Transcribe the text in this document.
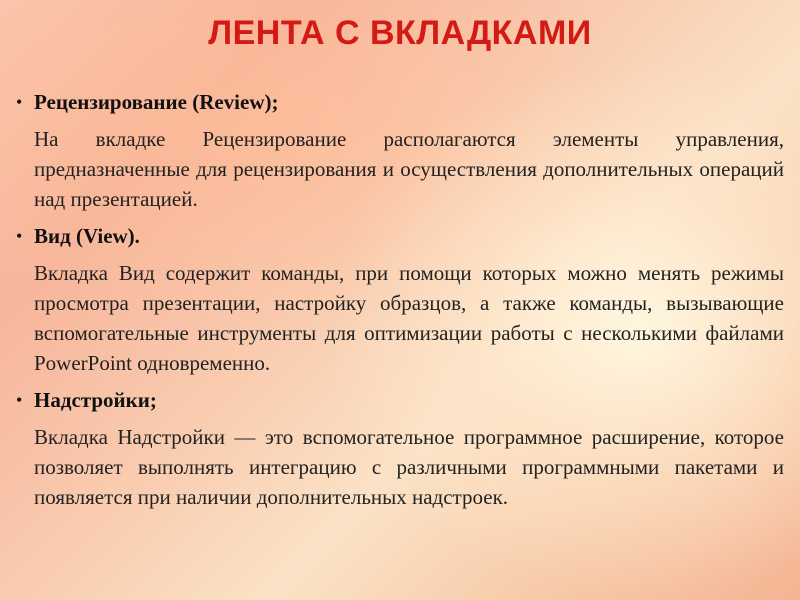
ЛЕНТА С ВКЛАДКАМИ
• Рецензирование (Review);

На вкладке Рецензирование располагаются элементы управления, предназначенные для рецензирования и осуществления дополнительных операций над презентацией.

• Вид (View).

Вкладка Вид содержит команды, при помощи которых можно менять режимы просмотра презентации, настройку образцов, а также команды, вызывающие вспомогательные инструменты для оптимизации работы с несколькими файлами PowerPoint одновременно.

• Надстройки;

Вкладка Надстройки — это вспомогательное программное расширение, которое позволяет выполнять интеграцию с различными программными пакетами и появляется при наличии дополнительных надстроек.
